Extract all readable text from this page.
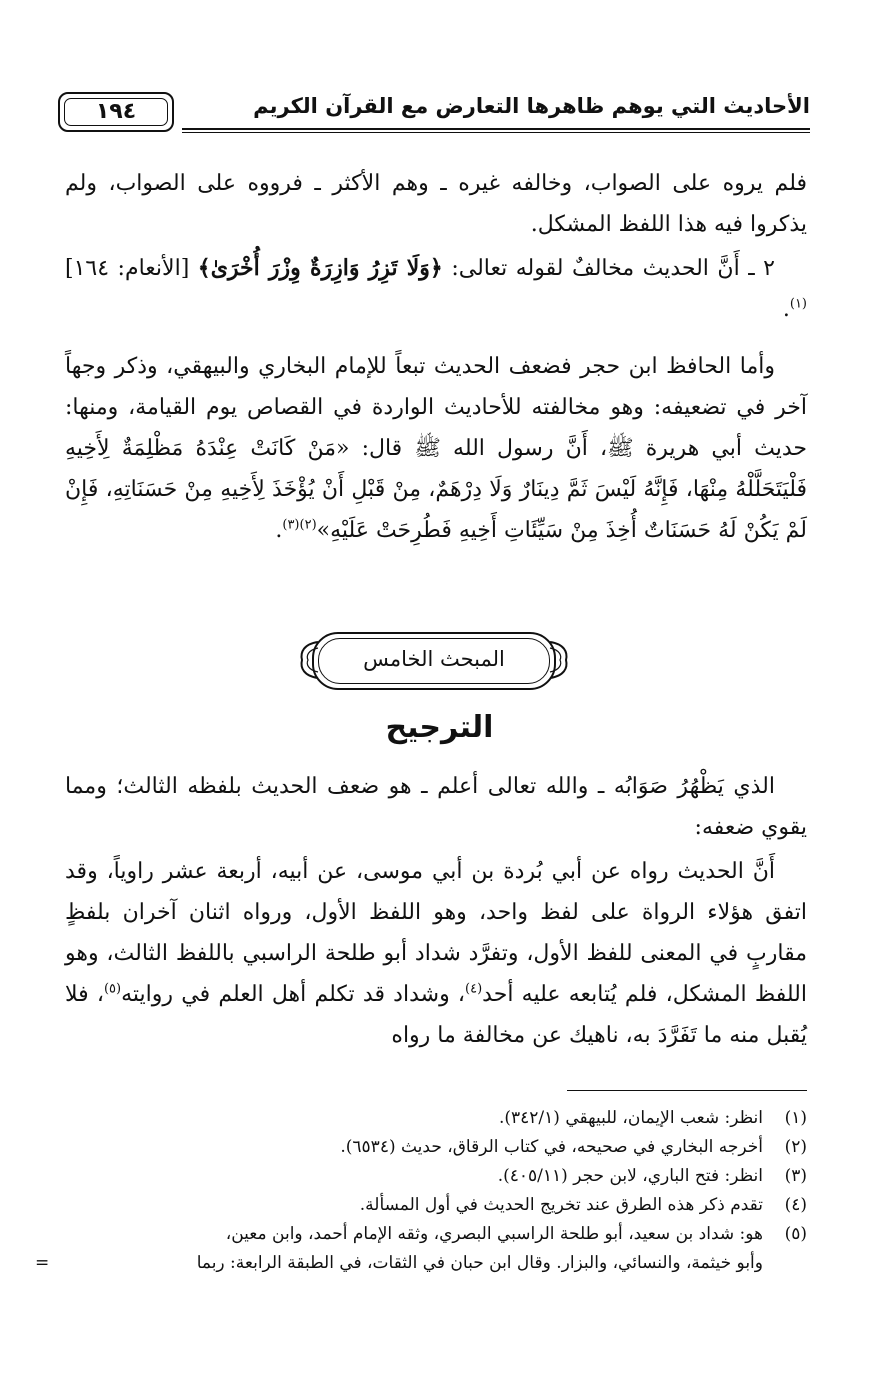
الأحاديث التي يوهم ظاهرها التعارض مع القرآن الكريم
١٩٤

فلم يروه على الصواب، وخالفه غيره ـ وهم الأكثر ـ فرووه على الصواب، ولم يذكروا فيه هذا اللفظ المشكل.

٢ ـ أَنَّ الحديث مخالفٌ لقوله تعالى: ﴿وَلَا تَزِرُ وَازِرَةٌ وِزْرَ أُخْرَىٰ﴾ [الأنعام: ١٦٤]$^{(١)}$.

وأما الحافظ ابن حجر فضعف الحديث تبعاً للإمام البخاري والبيهقي، وذكر وجهاً آخر في تضعيفه: وهو مخالفته للأحاديث الواردة في القصاص يوم القيامة، ومنها: حديث أبي هريرة ﷺ، أَنَّ رسول الله ﷺ قال: «مَنْ كَانَتْ عِنْدَهُ مَظْلِمَةٌ لِأَخِيهِ فَلْيَتَحَلَّلْهُ مِنْهَا، فَإِنَّهُ لَيْسَ ثَمَّ دِينَارٌ وَلَا دِرْهَمٌ، مِنْ قَبْلِ أَنْ يُؤْخَذَ لِأَخِيهِ مِنْ حَسَنَاتِهِ، فَإِنْ لَمْ يَكُنْ لَهُ حَسَنَاتٌ أُخِذَ مِنْ سَيِّئَاتِ أَخِيهِ فَطُرِحَتْ عَلَيْهِ»$^{(٢)(٣)}$.

المبحث الخامس
الترجيح

الذي يَظْهُرُ صَوَابُه ـ والله تعالى أعلم ـ هو ضعف الحديث بلفظه الثالث؛ ومما يقوي ضعفه:

أَنَّ الحديث رواه عن أبي بُردة بن أبي موسى، عن أبيه، أربعة عشر راوياً، وقد اتفق هؤلاء الرواة على لفظ واحد، وهو اللفظ الأول، ورواه اثنان آخران بلفظٍ مقاربٍ في المعنى للفظ الأول، وتفرَّد شداد أبو طلحة الراسبي باللفظ الثالث، وهو اللفظ المشكل، فلم يُتابعه عليه أحد$^{(٤)}$، وشداد قد تكلم أهل العلم في روايته$^{(٥)}$، فلا يُقبل منه ما تَفَرَّدَ به، ناهيك عن مخالفة ما رواه

(١)
انظر: شعب الإيمان، للبيهقي (٣٤٢/١).

(٢)
أخرجه البخاري في صحيحه، في كتاب الرقاق، حديث (٦٥٣٤).

(٣)
انظر: فتح الباري، لابن حجر (٤٠٥/١١).

(٤)
تقدم ذكر هذه الطرق عند تخريج الحديث في أول المسألة.

(٥)
هو: شداد بن سعيد، أبو طلحة الراسبي البصري، وثقه الإمام أحمد، وابن معين،
وأبو خيثمة، والنسائي، والبزار. وقال ابن حبان في الثقات، في الطبقة الرابعة: ربما
=
